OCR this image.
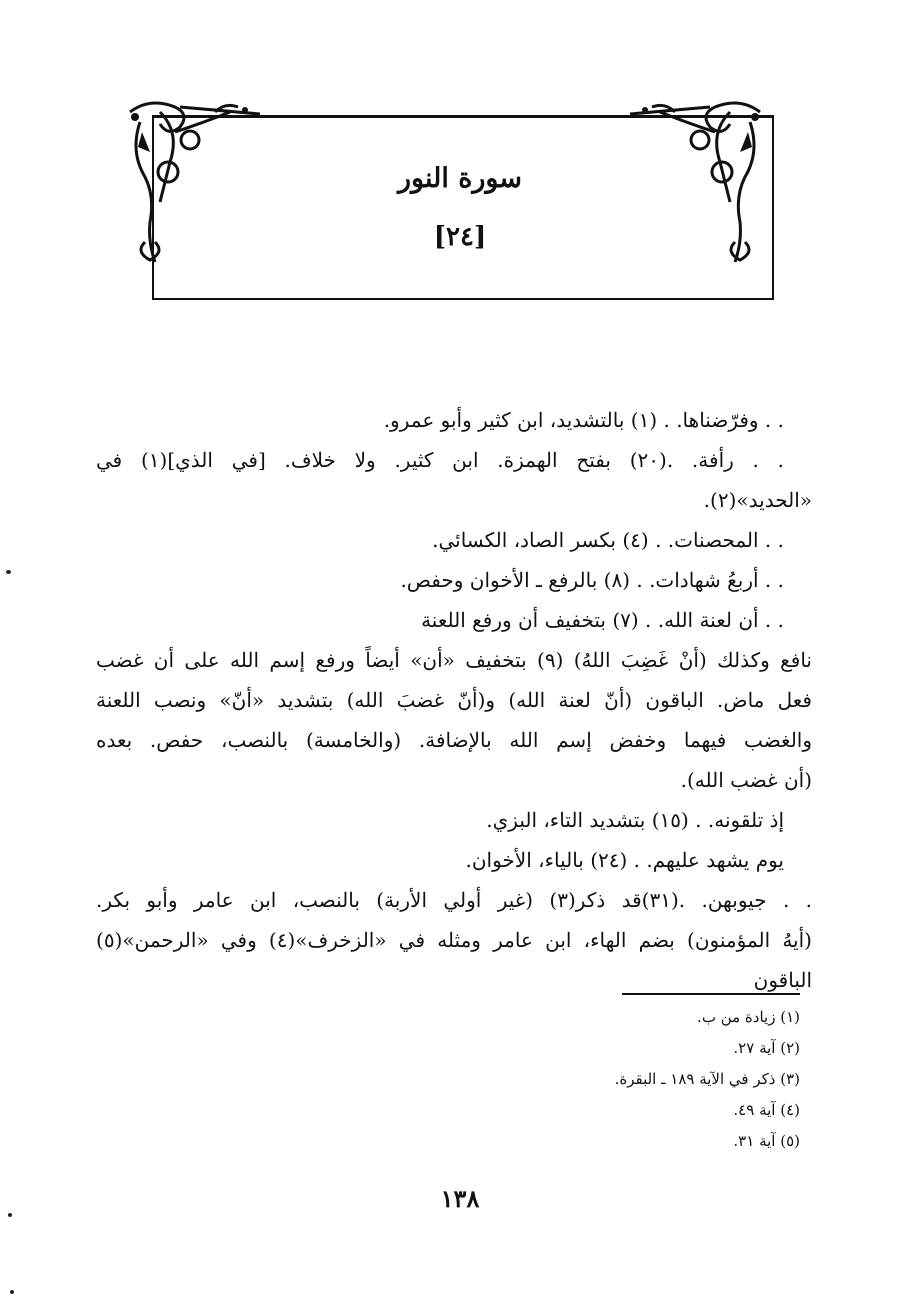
سورة النور
[٢٤]
. . وفرّضناها. . (١) بالتشديد، ابن كثير وأبو عمرو.
. . رأفة. .(٢٠) بفتح الهمزة. ابن كثير. ولا خلاف. [في الذي](١) في
«الحديد»(٢).
. . المحصنات. . (٤) بكسر الصاد، الكسائي.
. . أربعُ شهادات. . (٨) بالرفع ـ الأخوان وحفص.
. . أن لعنة الله. . (٧) بتخفيف أن ورفع اللعنة
نافع وكذلك (أنْ غَضِبَ اللهُ) (٩) بتخفيف «أن» أيضاً ورفع إسم الله على أن غضب
فعل ماض. الباقون (أنّ لعنة الله) و(أنّ غضبَ الله) بتشديد «أنّ» ونصب اللعنة
والغضب فيهما وخفض إسم الله بالإضافة. (والخامسة) بالنصب، حفص. بعده
(أن غضب الله).
إذ تلقونه. . (١٥) بتشديد التاء، البزي.
يوم يشهد عليهم. . (٢٤) بالياء، الأخوان.
. . جيوبهن. .(٣١)قد ذكر(٣) (غير أولي الأربة) بالنصب، ابن عامر وأبو بكر.
(أيهُ المؤمنون) بضم الهاء، ابن عامر ومثله في «الزخرف»(٤) وفي «الرحمن»(٥) الباقون
(١) زيادة من ب.
(٢) آية ٢٧.
(٣) ذكر في الآية ١٨٩ ـ البقرة.
(٤) آية ٤٩.
(٥) آية ٣١.
١٣٨
